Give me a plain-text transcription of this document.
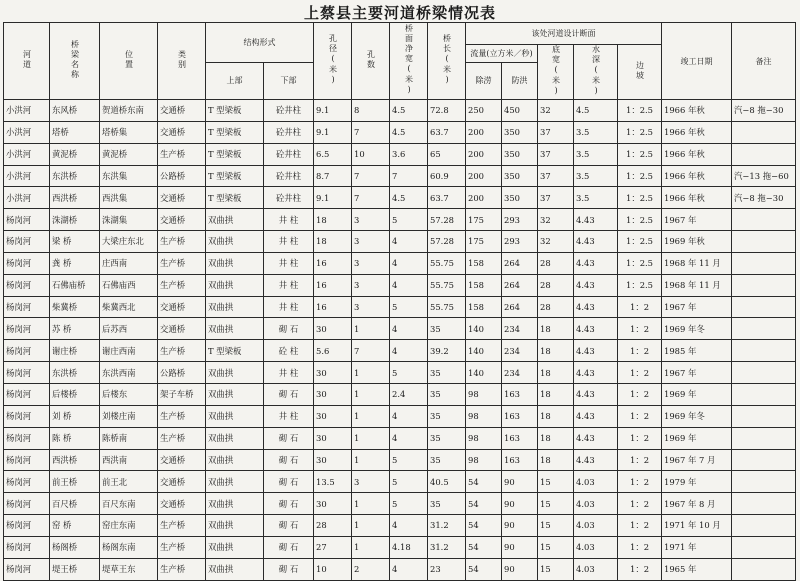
上蔡县主要河道桥梁情况表
河道	桥梁名称	位置	类别	结构形式		孔径(米)	孔数	桥面净宽(米)	桥长(米)	该处河道设计断面					竣工日期	备注
										流量(立方米／秒)		底宽(米)	水深(米)	边坡		
				上部	下部					除涝	防洪					
小洪河	东风桥	贺道桥东南	交通桥	T 型梁板	砼井柱	9.1	8	4.5	72.8	250	450	32	4.5	1：2.5	1966 年秋	汽−8 拖−30
小洪河	塔桥	塔桥集	交通桥	T 型梁板	砼井柱	9.1	7	4.5	63.7	200	350	37	3.5	1：2.5	1966 年秋	
小洪河	黄泥桥	黄泥桥	生产桥	T 型梁板	砼井柱	6.5	10	3.6	65	200	350	37	3.5	1：2.5	1966 年秋	
小洪河	东洪桥	东洪集	公路桥	T 型梁板	砼井柱	8.7	7	7	60.9	200	350	37	3.5	1：2.5	1966 年秋	汽−13 拖−60
小洪河	西洪桥	西洪集	交通桥	T 型梁板	砼井柱	9.1	7	4.5	63.7	200	350	37	3.5	1：2.5	1966 年秋	汽−8 拖−30
杨岗河	洙湖桥	洙湖集	交通桥	双曲拱	井 柱	18	3	5	57.28	175	293	32	4.43	1：2.5	1967 年	
杨岗河	梁 桥	大梁庄东北	生产桥	双曲拱	井 柱	18	3	4	57.28	175	293	32	4.43	1：2.5	1969 年秋	
杨岗河	龚 桥	庄西南	生产桥	双曲拱	井 柱	16	3	4	55.75	158	264	28	4.43	1：2.5	1968 年 11 月	
杨岗河	石佛庙桥	石佛庙西	生产桥	双曲拱	井 柱	16	3	4	55.75	158	264	28	4.43	1：2.5	1968 年 11 月	
杨岗河	柴冀桥	柴冀西北	交通桥	双曲拱	井 柱	16	3	5	55.75	158	264	28	4.43	1：2	1967 年	
杨岗河	苏 桥	后苏西	交通桥	双曲拱	砌 石	30	1	4	35	140	234	18	4.43	1：2	1969 年冬	
杨岗河	谢庄桥	谢庄西南	生产桥	T 型梁板	砼 柱	5.6	7	4	39.2	140	234	18	4.43	1：2	1985 年	
杨岗河	东洪桥	东洪西南	公路桥	双曲拱	井 柱	30	1	5	35	140	234	18	4.43	1：2	1967 年	
杨岗河	后楼桥	后楼东	架子车桥	双曲拱	砌 石	30	1	2.4	35	98	163	18	4.43	1：2	1969 年	
杨岗河	刘 桥	刘楼庄南	生产桥	双曲拱	井 柱	30	1	4	35	98	163	18	4.43	1：2	1969 年冬	
杨岗河	陈 桥	陈桥南	生产桥	双曲拱	砌 石	30	1	4	35	98	163	18	4.43	1：2	1969 年	
杨岗河	西洪桥	西洪南	交通桥	双曲拱	砌 石	30	1	5	35	98	163	18	4.43	1：2	1967 年 7 月	
杨岗河	前王桥	前王北	交通桥	双曲拱	砌 石	13.5	3	5	40.5	54	90	15	4.03	1：2	1979 年	
杨岗河	百尺桥	百尺东南	交通桥	双曲拱	砌 石	30	1	5	35	54	90	15	4.03	1：2	1967 年 8 月	
杨岗河	窑 桥	窑庄东南	生产桥	双曲拱	砌 石	28	1	4	31.2	54	90	15	4.03	1：2	1971 年 10 月	
杨岗河	杨阁桥	杨阁东南	生产桥	双曲拱	砌 石	27	1	4.18	31.2	54	90	15	4.03	1：2	1971 年	
杨岗河	堤王桥	堤草王东	生产桥	双曲拱	砌 石	10	2	4	23	54	90	15	4.03	1：2	1965 年	
